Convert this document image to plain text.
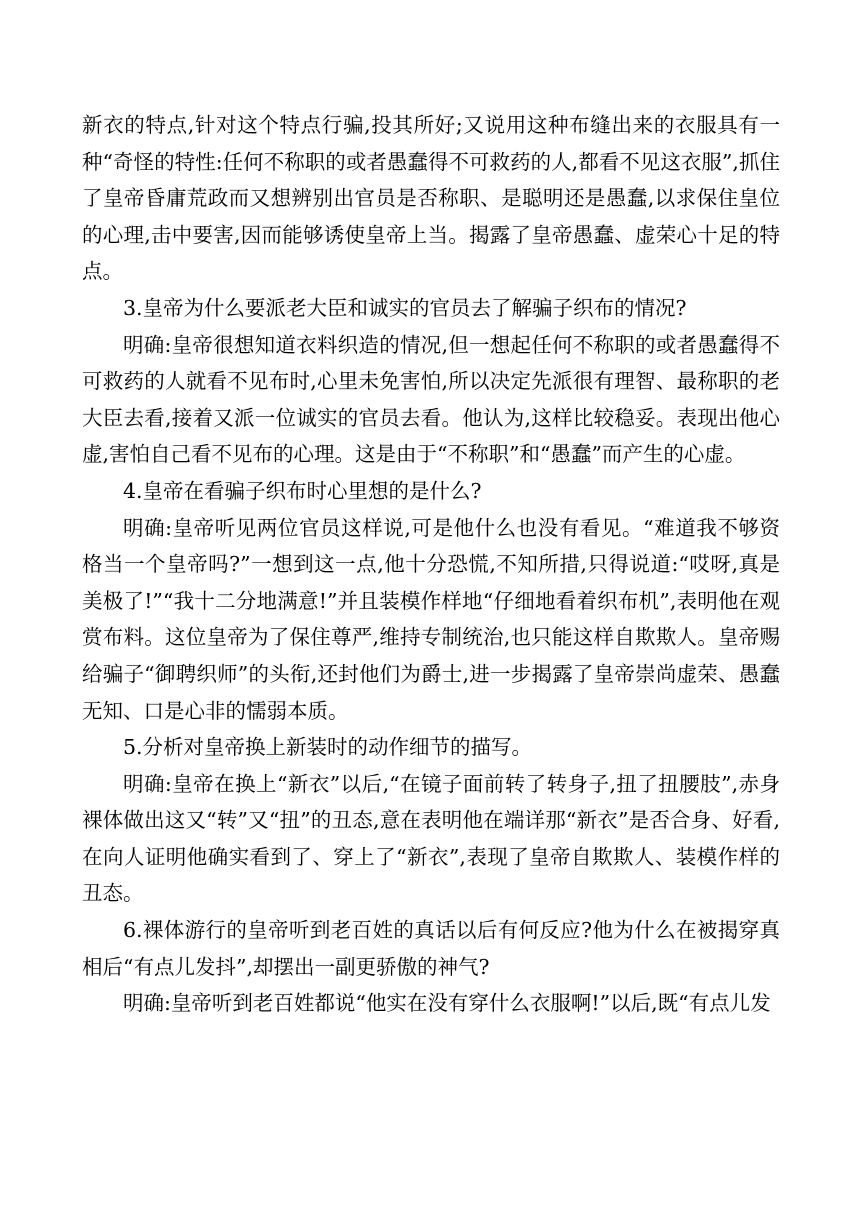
新衣的特点,针对这个特点行骗,投其所好;又说用这种布缝出来的衣服具有一种“奇怪的特性:任何不称职的或者愚蠢得不可救药的人,都看不见这衣服”,抓住了皇帝昏庸荒政而又想辨别出官员是否称职、是聪明还是愚蠢,以求保住皇位的心理,击中要害,因而能够诱使皇帝上当。揭露了皇帝愚蠢、虚荣心十足的特点。

3.皇帝为什么要派老大臣和诚实的官员去了解骗子织布的情况?

明确:皇帝很想知道衣料织造的情况,但一想起任何不称职的或者愚蠢得不可救药的人就看不见布时,心里未免害怕,所以决定先派很有理智、最称职的老大臣去看,接着又派一位诚实的官员去看。他认为,这样比较稳妥。表现出他心虚,害怕自己看不见布的心理。这是由于“不称职”和“愚蠢”而产生的心虚。

4.皇帝在看骗子织布时心里想的是什么?

明确:皇帝听见两位官员这样说,可是他什么也没有看见。“难道我不够资格当一个皇帝吗?”一想到这一点,他十分恐慌,不知所措,只得说道:“哎呀,真是美极了!”“我十二分地满意!”并且装模作样地“仔细地看着织布机”,表明他在观赏布料。这位皇帝为了保住尊严,维持专制统治,也只能这样自欺欺人。皇帝赐给骗子“御聘织师”的头衔,还封他们为爵士,进一步揭露了皇帝崇尚虚荣、愚蠢无知、口是心非的懦弱本质。

5.分析对皇帝换上新装时的动作细节的描写。

明确:皇帝在换上“新衣”以后,“在镜子面前转了转身子,扭了扭腰肢”,赤身裸体做出这又“转”又“扭”的丑态,意在表明他在端详那“新衣”是否合身、好看,在向人证明他确实看到了、穿上了“新衣”,表现了皇帝自欺欺人、装模作样的丑态。

6.裸体游行的皇帝听到老百姓的真话以后有何反应?他为什么在被揭穿真相后“有点儿发抖”,却摆出一副更骄傲的神气?

明确:皇帝听到老百姓都说“他实在没有穿什么衣服啊!”以后,既“有点儿发
